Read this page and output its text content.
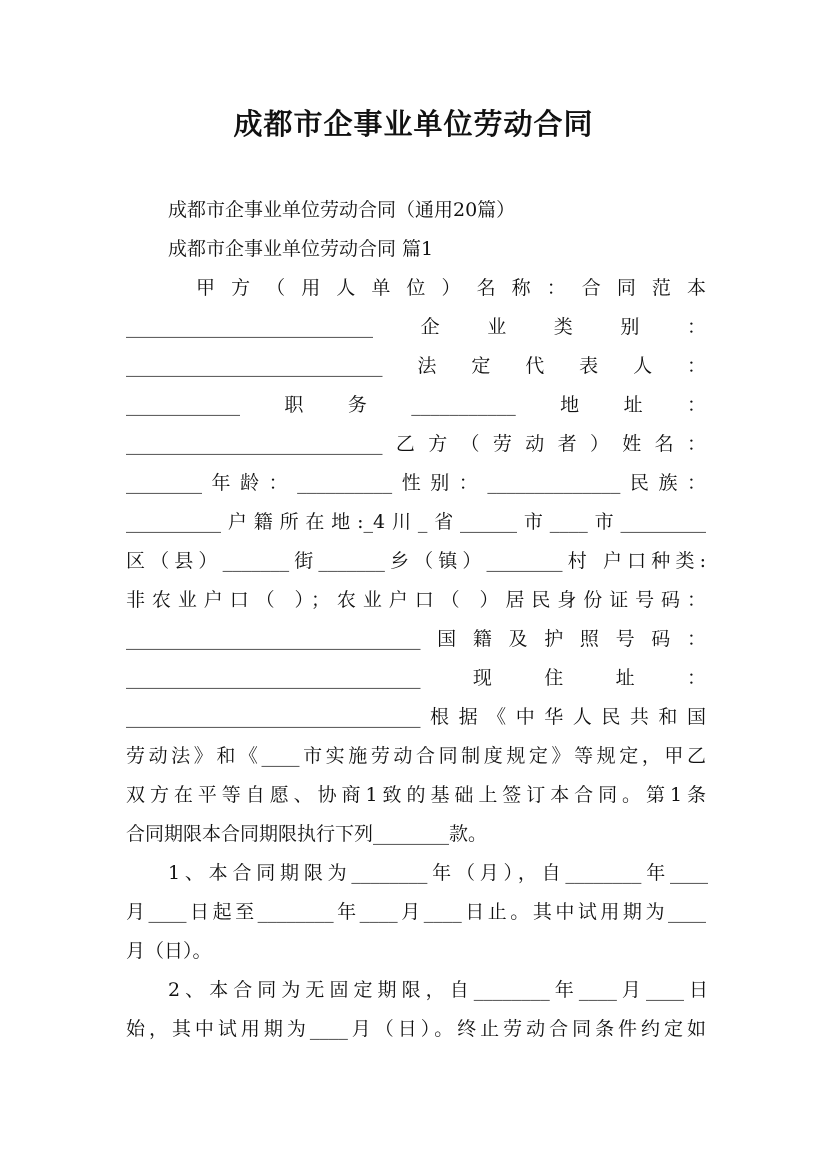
成都市企事业单位劳动合同
成都市企事业单位劳动合同（通用20篇）
成都市企事业单位劳动合同 篇1
甲方（用人单位）名称：合同范本
__________________________企业类别：
___________________________法定代表人：
____________职务___________地址：
___________________________乙方（劳动者）姓名：
________年龄：__________性别：______________民族：
__________户籍所在地:_4川_省______市____市_________
区（县）_______街_______乡（镇）________村 户口种类:
非农业户口（ ）；农业户口（ ）居民身份证号码：
_______________________________国籍及护照号码：
_______________________________现住址：
_______________________________根据《中华人民共和国
劳动法》和《____市实施劳动合同制度规定》等规定，甲乙
双方在平等自愿、协商1致的基础上签订本合同。第1条
合同期限本合同期限执行下列________款。
1、本合同期限为________年（月），自________年____
月____日起至________年____月____日止。其中试用期为____
月（日）。
2、本合同为无固定期限，自________年____月____日
始，其中试用期为____月（日）。终止劳动合同条件约定如
